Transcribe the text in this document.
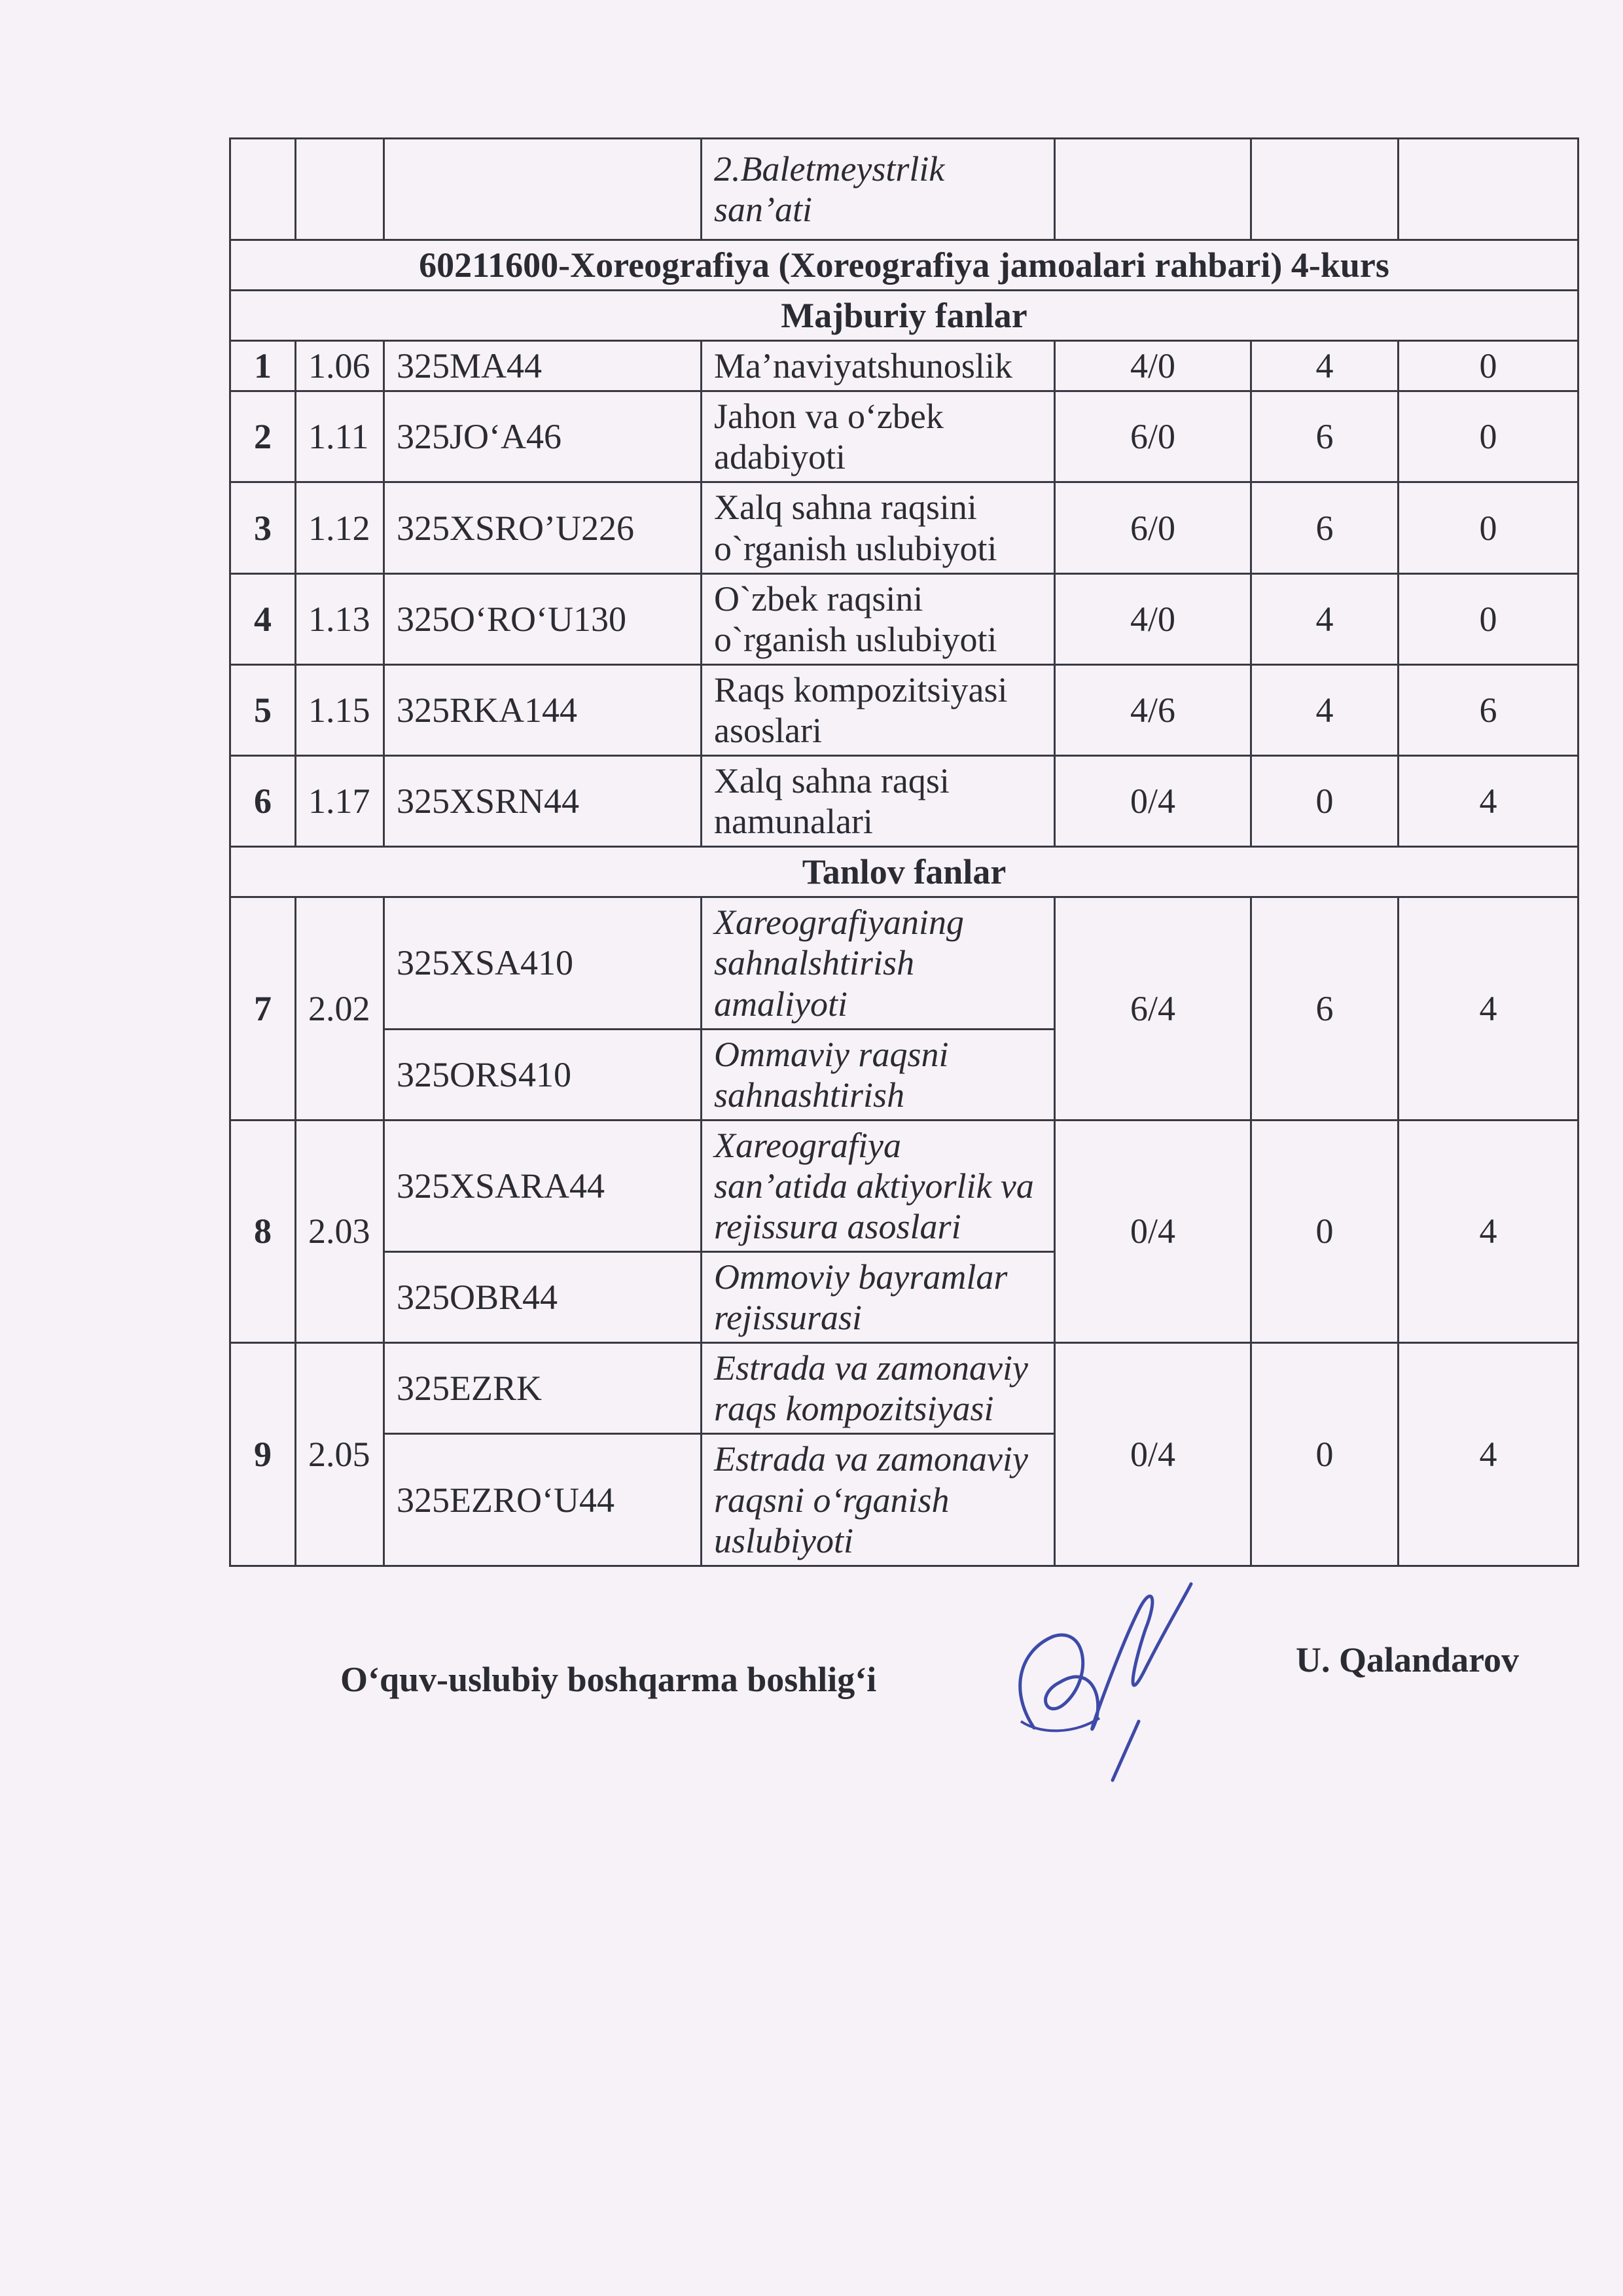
			2.Baletmeystrlik san’ati			
60211600-Xoreografiya (Xoreografiya jamoalari rahbari) 4-kurs						
Majburiy fanlar						
1	1.06	325MA44	Ma’naviyatshunoslik	4/0	4	0
2	1.11	325JO‘A46	Jahon va o‘zbek adabiyoti	6/0	6	0
3	1.12	325XSRO’U226	Xalq sahna raqsini o`rganish uslubiyoti	6/0	6	0
4	1.13	325O‘RO‘U130	O`zbek raqsini o`rganish uslubiyoti	4/0	4	0
5	1.15	325RKA144	Raqs kompozitsiyasi asoslari	4/6	4	6
6	1.17	325XSRN44	Xalq sahna raqsi namunalari	0/4	0	4
Tanlov fanlar						
7	2.02	325XSA410	Xareografiyaning sahnalshtirish amaliyoti	6/4	6	4
		325ORS410	Ommaviy raqsni sahnashtirish			
8	2.03	325XSARA44	Xareografiya san’atida aktiyorlik va rejissura asoslari	0/4	0	4
		325OBR44	Ommoviy bayramlar rejissurasi			
9	2.05	325EZRK	Estrada va zamonaviy raqs kompozitsiyasi	0/4	0	4
		325EZRO‘U44	Estrada va zamonaviy raqsni o‘rganish uslubiyoti			
O‘quv-uslubiy boshqarma boshlig‘i	U. Qalandarov
